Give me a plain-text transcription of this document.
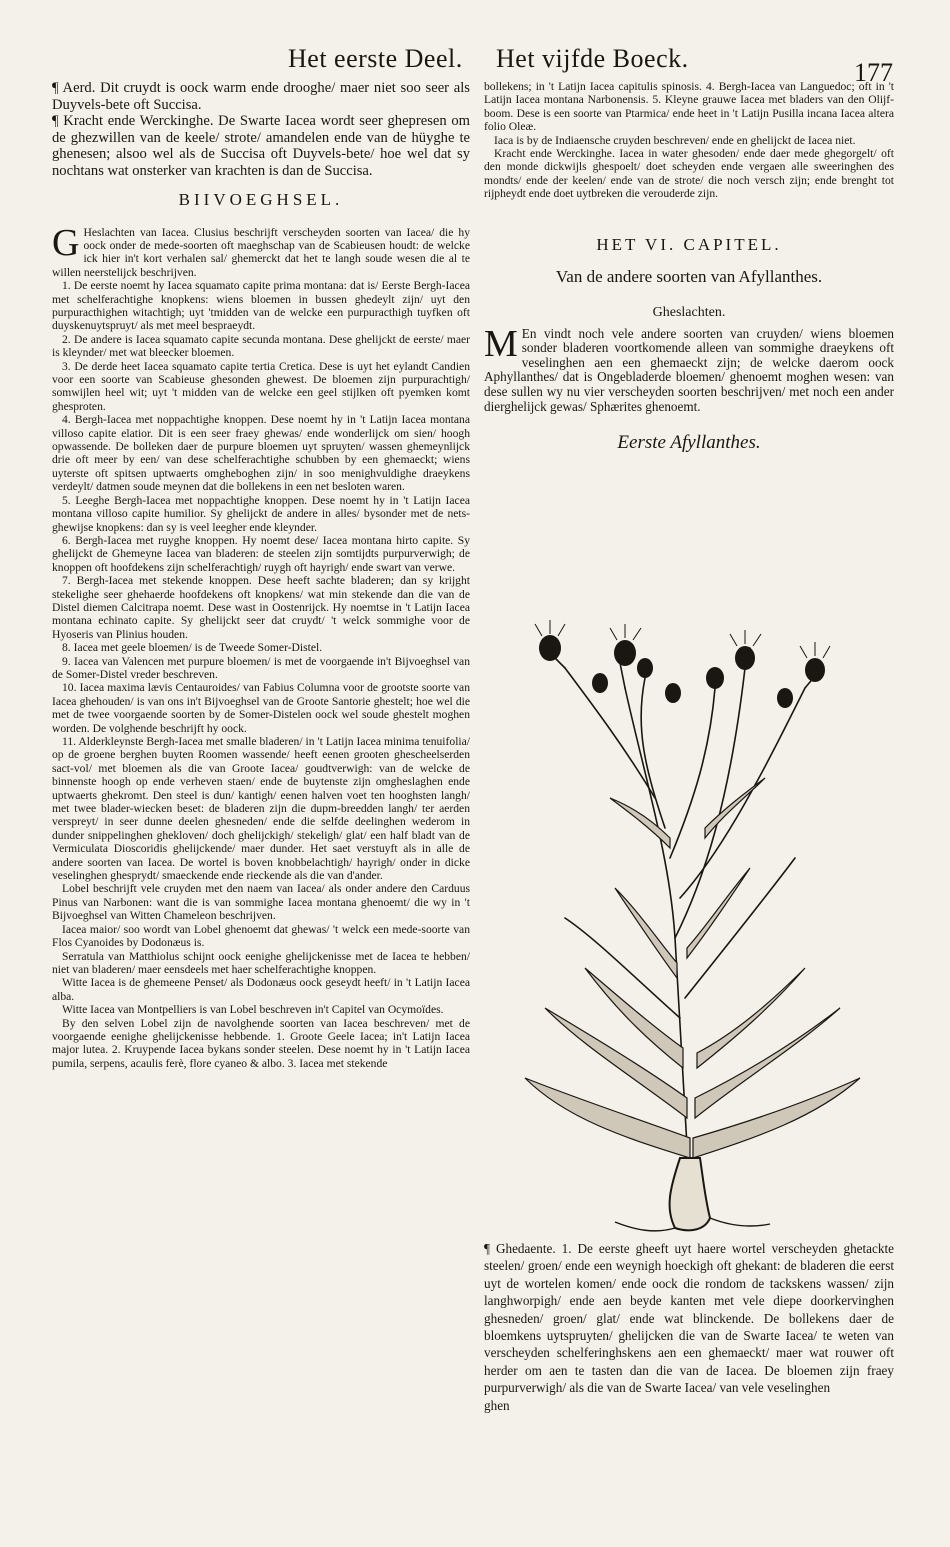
Het eerste Deel. Het vijfde Boeck.	177

¶ Aerd. Dit cruydt is oock warm ende drooghe/ maer niet soo seer als Duyvels-bete oft Succisa.

¶ Kracht ende Werckinghe. De Swarte Iacea wordt seer ghepresen om de ghezwillen van de keele/ strote/ amandelen ende van de hüyghe te ghenesen; alsoo wel als de Succisa oft Duyvels-bete/ hoe wel dat sy nochtans wat onsterker van krachten is dan de Succisa.

BIIVOEGHSEL.

G Heslachten van Iacea. Clusius beschrijft verscheyden soorten van Iacea/ die hy oock onder de mede-soorten oft maeghschap van de Scabieusen houdt: de welcke ick hier in't kort verhalen sal/ ghemerckt dat het te langh soude wesen die al te willen neerstelijck beschrijven.

1. De eerste noemt hy Iacea squamato capite prima montana: dat is/ Eerste Bergh-Iacea met schelferachtighe knopkens: wiens bloemen in bussen ghedeylt zijn/ uyt den purpuracthighen witachtigh; uyt 'tmidden van de welcke een purpuracthigh tuyfken oft duyskenuytspruyt/ als met meel bespraeydt.

2. De andere is Iacea squamato capite secunda montana. Dese ghelijckt de eerste/ maer is kleynder/ met wat bleecker bloemen.

3. De derde heet Iacea squamato capite tertia Cretica. Dese is uyt het eylandt Candien voor een soorte van Scabieuse ghesonden ghewest. De bloemen zijn purpurachtigh/ somwijlen heel wit; uyt 't midden van de welcke een geel stijlken oft pyemken komt ghesproten.

4. Bergh-Iacea met noppachtighe knoppen. Dese noemt hy in 't Latijn Iacea montana villoso capite elatior. Dit is een seer fraey ghewas/ ende wonderlijck om sien/ hoogh opwassende. De bolleken daer de purpure bloemen uyt spruyten/ wassen ghemeynlijck drie oft meer by een/ van dese schelferachtighe schubben by een ghemaeckt; wiens uyterste oft spitsen uptwaerts omgheboghen zijn/ in soo menighvuldighe draeykens verdeylt/ datmen soude meynen dat die bollekens in een net besloten waren.

5. Leeghe Bergh-Iacea met noppachtighe knoppen. Dese noemt hy in 't Latijn Iacea montana villoso capite humilior. Sy ghelijckt de andere in alles/ bysonder met de nets-ghewijse knopkens: dan sy is veel leegher ende kleynder.

6. Bergh-Iacea met ruyghe knoppen. Hy noemt dese/ Iacea montana hirto capite. Sy ghelijckt de Ghemeyne Iacea van bladeren: de steelen zijn somtijdts purpurverwigh; de knoppen oft hoofdekens zijn schelferachtigh/ ruygh oft hayrigh/ ende swart van verwe.

7. Bergh-Iacea met stekende knoppen. Dese heeft sachte bladeren; dan sy krijght stekelighe seer ghehaerde hoofdekens oft knopkens/ wat min stekende dan die van de Distel diemen Calcitrapa noemt. Dese wast in Oostenrijck. Hy noemtse in 't Latijn Iacea montana echinato capite. Sy ghelijckt seer dat cruydt/ 't welck sommighe voor de Hyoseris van Plinius houden.

8. Iacea met geele bloemen/ is de Tweede Somer-Distel.

9. Iacea van Valencen met purpure bloemen/ is met de voorgaende in't Bijvoeghsel van de Somer-Distel vreder beschreven.

10. Iacea maxima lævis Centauroides/ van Fabius Columna voor de grootste soorte van Iacea ghehouden/ is van ons in't Bijvoeghsel van de Groote Santorie ghestelt; hoe wel die met de twee voorgaende soorten by de Somer-Distelen oock wel soude ghestelt moghen worden. De volghende beschrijft hy oock.

11. Alderkleynste Bergh-Iacea met smalle bladeren/ in 't Latijn Iacea minima tenuifolia/ op de groene berghen buyten Roomen wassende/ heeft eenen grooten ghescheelserden sact-vol/ met bloemen als die van Groote Iacea/ goudtverwigh: van de welcke de binnenste hoogh op ende verheven staen/ ende de buytenste zijn omgheslaghen ende uptwaerts ghekromt. Den steel is dun/ kantigh/ eenen halven voet ten hooghsten langh/ met twee blader-wiecken beset: de bladeren zijn die dupm-breedden langh/ ter aerden verspreyt/ in seer dunne deelen ghesneden/ ende die selfde deelinghen wederom in dunder snippelinghen ghekloven/ doch ghelijckigh/ stekeligh/ glat/ een half bladt van de Vermiculata Dioscoridis ghelijckende/ maer dunder. Het saet verstuyft als in alle de andere soorten van Iacea. De wortel is boven knobbelachtigh/ hayrigh/ onder in dicke veselinghen ghesprydt/ smaeckende ende rieckende als die van d'ander.

Lobel beschrijft vele cruyden met den naem van Iacea/ als onder andere den Carduus Pinus van Narbonen: want die is van sommighe Iacea montana ghenoemt/ die wy in 't Bijvoeghsel van Witten Chameleon beschrijven.

Iacea maior/ soo wordt van Lobel ghenoemt dat ghewas/ 't welck een mede-soorte van Flos Cyanoides by Dodonæus is.

Serratula van Matthiolus schijnt oock eenighe ghelijckenisse met de Iacea te hebben/ niet van bladeren/ maer eensdeels met haer schelferachtighe knoppen.

Witte Iacea is de ghemeene Penset/ als Dodonæus oock geseydt heeft/ in 't Latijn Iacea alba.

Witte Iacea van Montpelliers is van Lobel beschreven in't Capitel van Ocymoïdes.

By den selven Lobel zijn de navolghende soorten van Iacea beschreven/ met de voorgaende eenighe ghelijckenisse hebbende. 1. Groote Geele Iacea; in't Latijn Iacea major lutea. 2. Kruypende Iacea bykans sonder steelen. Dese noemt hy in 't Latijn Iacea pumila, serpens, acaulis ferè, flore cyaneo & albo. 3. Iacea met stekende

bollekens; in 't Latijn Iacea capitulis spinosis. 4. Bergh-Iacea van Languedoc; oft in 't Latijn Iacea montana Narbonensis. 5. Kleyne grauwe Iacea met bladers van den Olijf-boom. Dese is een soorte van Ptarmica/ ende heet in 't Latijn Pusilla incana Iacea altera folio Oleæ.

Iaca is by de Indiaensche cruyden beschreven/ ende en ghelijckt de Iacea niet.

Kracht ende Werckinghe. Iacea in water ghesoden/ ende daer mede ghegorgelt/ oft den monde dickwijls ghespoelt/ doet scheyden ende vergaen alle sweeringhen des mondts/ ende der keelen/ ende van de strote/ die noch versch zijn; ende brenght tot rijpheydt ende doet uytbreken die verouderde zijn.

HET VI. CAPITEL.
Van de andere soorten van Afyllanthes.
Gheslachten.

M En vindt noch vele andere soorten van cruyden/ wiens bloemen sonder bladeren voortkomende alleen van sommighe draeykens oft veselinghen aen een ghemaeckt zijn; de welcke daerom oock Aphyllanthes/ dat is Ongebladerde bloemen/ ghenoemt moghen wesen: van dese sullen wy nu vier verscheyden soorten beschrijven/ met noch een ander dierghelijck gewas/ Sphærites ghenoemt.

Eerste Afyllanthes.

¶ Ghedaente. 1. De eerste gheeft uyt haere wortel verscheyden ghetackte steelen/ groen/ ende een weynigh hoeckigh oft ghekant: de bladeren die eerst uyt de wortelen komen/ ende oock die rondom de tackskens wassen/ zijn langhworpigh/ ende aen beyde kanten met vele diepe doorkervinghen ghesneden/ groen/ glat/ ende wat blinckende. De bollekens daer de bloemkens uytspruyten/ ghelijcken die van de Swarte Iacea/ te weten van verscheyden schelferinghskens aen een ghemaeckt/ maer wat rouwer oft herder om aen te tasten dan die van de Iacea. De bloemen zijn fraey purpurverwigh/ als die van de Swarte Iacea/ van vele veselinghen

ghen
